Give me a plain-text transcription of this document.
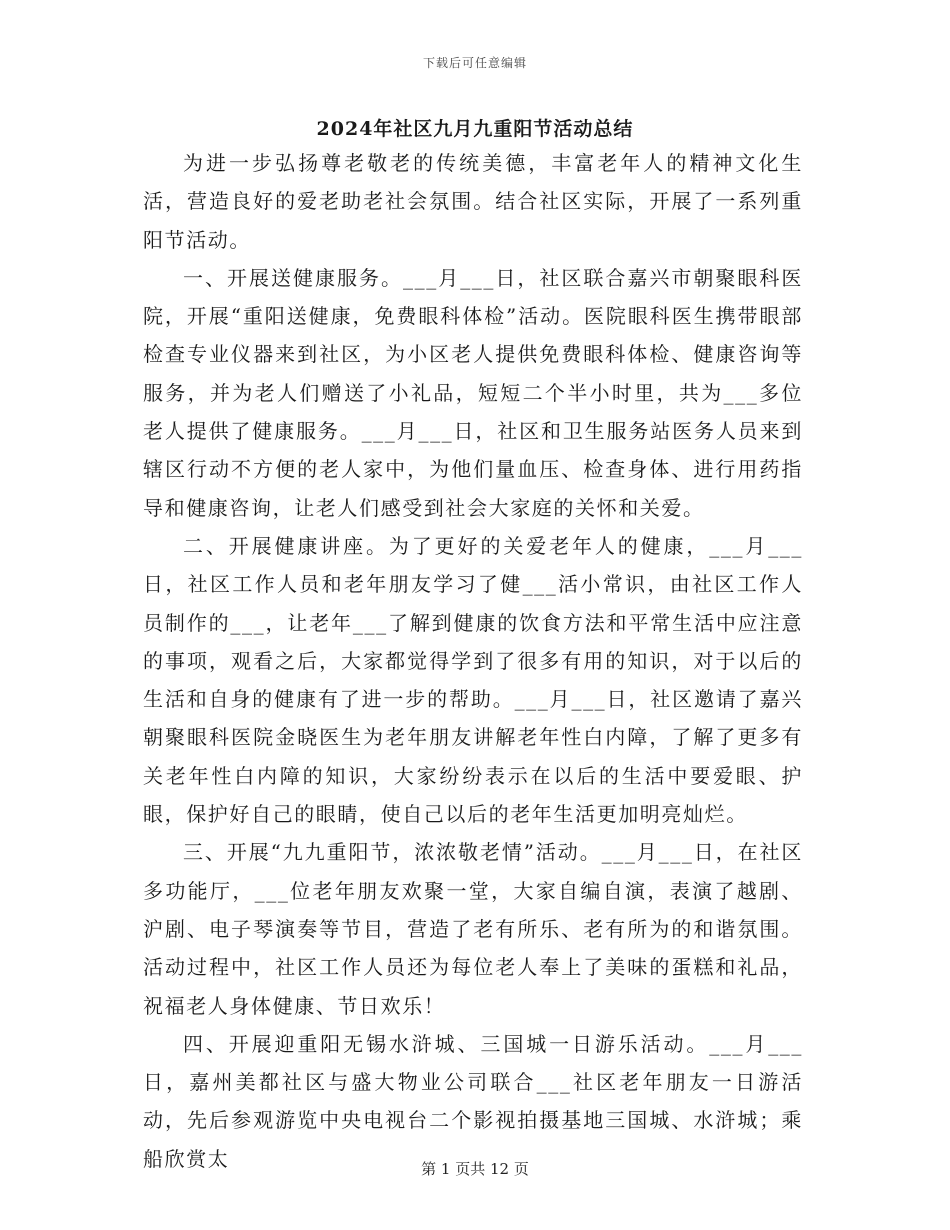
下载后可任意编辑
2024年社区九月九重阳节活动总结

为进一步弘扬尊老敬老的传统美德，丰富老年人的精神文化生活，营造良好的爱老助老社会氛围。结合社区实际，开展了一系列重阳节活动。

一、开展送健康服务。___月___日，社区联合嘉兴市朝聚眼科医院，开展“重阳送健康，免费眼科体检”活动。医院眼科医生携带眼部检查专业仪器来到社区，为小区老人提供免费眼科体检、健康咨询等服务，并为老人们赠送了小礼品，短短二个半小时里，共为___多位老人提供了健康服务。___月___日，社区和卫生服务站医务人员来到辖区行动不方便的老人家中，为他们量血压、检查身体、进行用药指导和健康咨询，让老人们感受到社会大家庭的关怀和关爱。

二、开展健康讲座。为了更好的关爱老年人的健康，___月___日，社区工作人员和老年朋友学习了健___活小常识，由社区工作人员制作的___，让老年___了解到健康的饮食方法和平常生活中应注意的事项，观看之后，大家都觉得学到了很多有用的知识，对于以后的生活和自身的健康有了进一步的帮助。___月___日，社区邀请了嘉兴朝聚眼科医院金晓医生为老年朋友讲解老年性白内障，了解了更多有关老年性白内障的知识，大家纷纷表示在以后的生活中要爱眼、护眼，保护好自己的眼睛，使自己以后的老年生活更加明亮灿烂。

三、开展“九九重阳节，浓浓敬老情”活动。___月___日，在社区多功能厅，___位老年朋友欢聚一堂，大家自编自演，表演了越剧、沪剧、电子琴演奏等节目，营造了老有所乐、老有所为的和谐氛围。活动过程中，社区工作人员还为每位老人奉上了美味的蛋糕和礼品，祝福老人身体健康、节日欢乐！

四、开展迎重阳无锡水浒城、三国城一日游乐活动。___月___日，嘉州美都社区与盛大物业公司联合___社区老年朋友一日游活动，先后参观游览中央电视台二个影视拍摄基地三国城、水浒城；乘船欣赏太	第 1 页共 12 页
